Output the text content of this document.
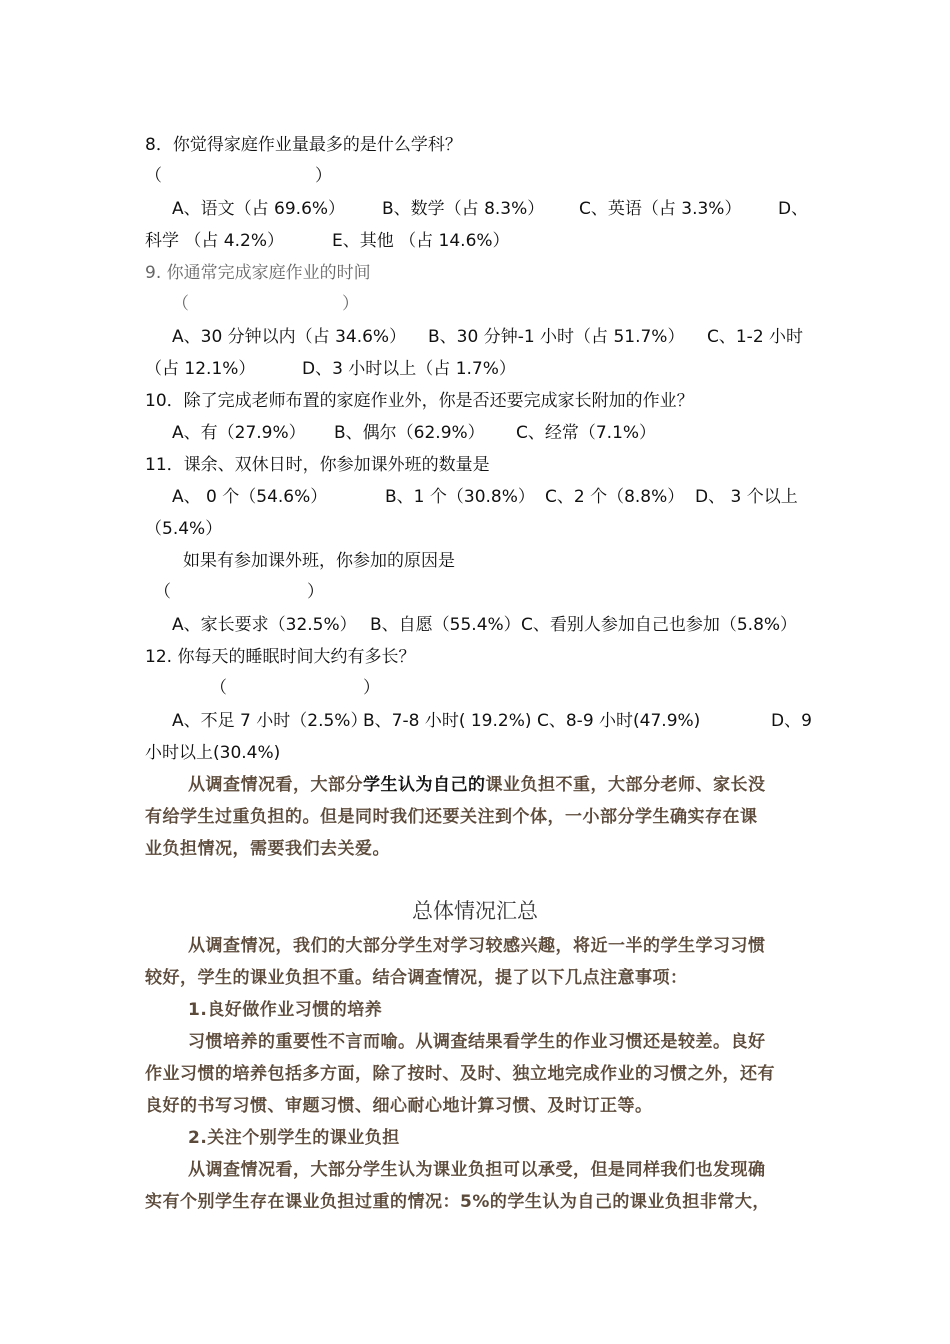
8．你觉得家庭作业量最多的是什么学科？
（　　　　　　　　　）
A、语文（占 69.6%） B、数学（占 8.3%） C、英语（占 3.3%） D、
科学 （占 4.2%）	E、其他 （占 14.6%）
9. 你通常完成家庭作业的时间
（　　　　　　　　　）
A、30 分钟以内（占 34.6%） B、30 分钟-1 小时（占 51.7%） C、1-2 小时
（占 12.1%）	D、3 小时以上（占 1.7%）
10．除了完成老师布置的家庭作业外，你是否还要完成家长附加的作业？
A、有（27.9%） B、偶尔（62.9%） C、经常（7.1%）
11．课余、双休日时，你参加课外班的数量是
A、 0 个（54.6%）	B、1 个（30.8%） C、2 个（8.8%） D、 3 个以上
（5.4%）
如果有参加课外班，你参加的原因是
（　　　　　　　　）
A、家长要求（32.5%） B、自愿（55.4%） C、看别人参加自己也参加（5.8%）
12. 你每天的睡眠时间大约有多长？
（　　　　　　　　）
A、不足 7 小时（2.5%）
B、7-8 小时( 19.2%) C、8-9 小时(47.9%)	D、9
小时以上(30.4%)
从调查情况看，大部分学生认为自己的课业负担不重，大部分老师、家长没
有给学生过重负担的。但是同时我们还要关注到个体，一小部分学生确实存在课
业负担情况，需要我们去关爱。
总体情况汇总
从调查情况，我们的大部分学生对学习较感兴趣，将近一半的学生学习习惯
较好，学生的课业负担不重。结合调查情况，提了以下几点注意事项：
1.良好做作业习惯的培养
习惯培养的重要性不言而喻。从调查结果看学生的作业习惯还是较差。良好
作业习惯的培养包括多方面，除了按时、及时、独立地完成作业的习惯之外，还有
良好的书写习惯、审题习惯、细心耐心地计算习惯、及时订正等。
2.关注个别学生的课业负担
从调查情况看，大部分学生认为课业负担可以承受，但是同样我们也发现确
实有个别学生存在课业负担过重的情况：5%的学生认为自己的课业负担非常大，
